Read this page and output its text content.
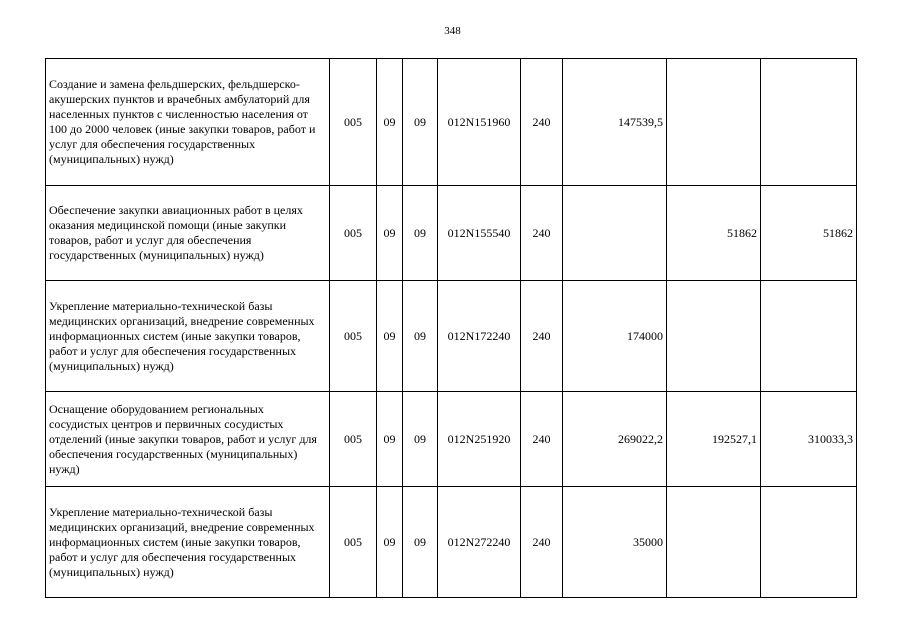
348
Создание и замена фельдшерских, фельдшерско-акушерских пунктов и врачебных амбулаторий для населенных пунктов с численностью населения от 100 до 2000 человек (иные закупки товаров, работ и услуг для обеспечения государственных (муниципальных) нужд)	005	09	09	012N151960	240	147539,5		
Обеспечение закупки авиационных работ в целях оказания медицинской помощи (иные закупки товаров, работ и услуг для обеспечения государственных (муниципальных) нужд)	005	09	09	012N155540	240		51862	51862
Укрепление материально-технической базы медицинских организаций, внедрение современных информационных систем (иные закупки товаров, работ и услуг для обеспечения государственных (муниципальных) нужд)	005	09	09	012N172240	240	174000		
Оснащение оборудованием региональных сосудистых центров и первичных сосудистых отделений (иные закупки товаров, работ и услуг для обеспечения государственных (муниципальных) нужд)	005	09	09	012N251920	240	269022,2	192527,1	310033,3
Укрепление материально-технической базы медицинских организаций, внедрение современных информационных систем (иные закупки товаров, работ и услуг для обеспечения государственных (муниципальных) нужд)	005	09	09	012N272240	240	35000		
